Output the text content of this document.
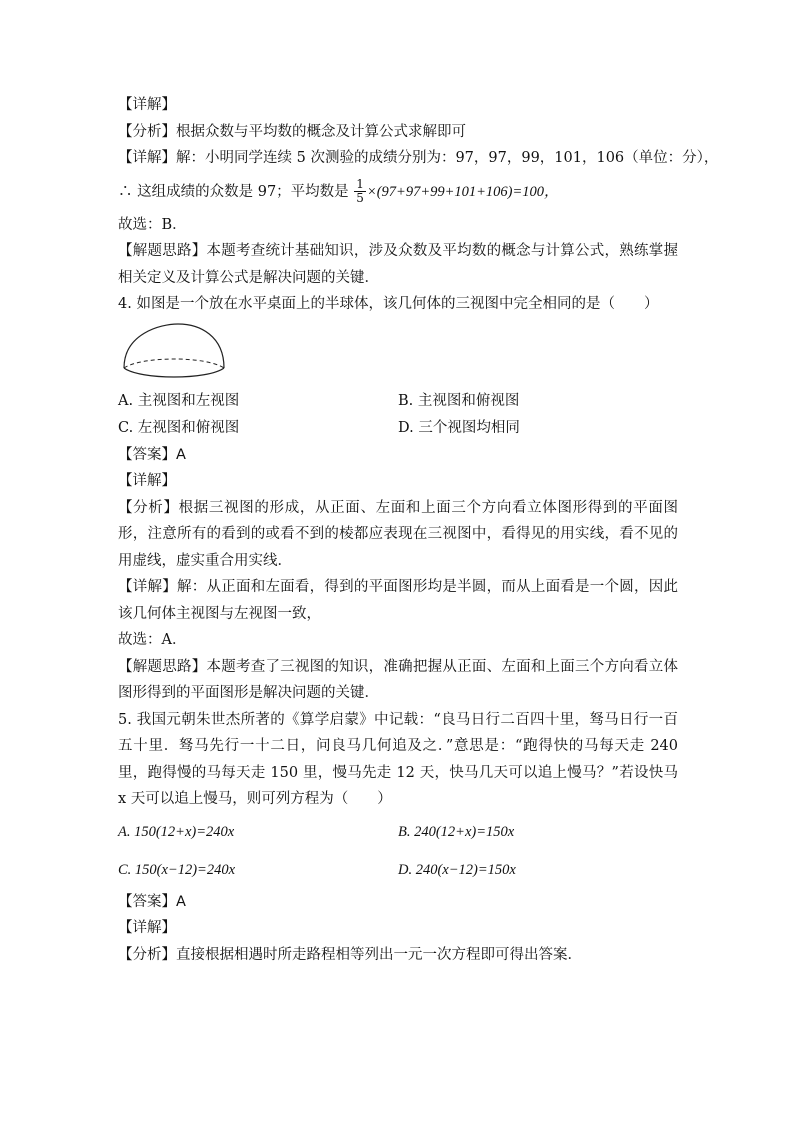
【详解】
【分析】根据众数与平均数的概念及计算公式求解即可
【详解】解：小明同学连续 5 次测验的成绩分别为：97，97，99，101，106（单位：分），
∴ 这组成绩的众数是 97；平均数是 $\frac{1}{5} \times(97+97+99+101+106)=100$，
故选：B．
【解题思路】本题考查统计基础知识，涉及众数及平均数的概念与计算公式，熟练掌握相关定义及计算公式是解决问题的关键．
4. 如图是一个放在水平桌面上的半球体，该几何体的三视图中完全相同的是（　　）
A. 主视图和左视图	B. 主视图和俯视图
C. 左视图和俯视图	D. 三个视图均相同
【答案】A
【详解】
【分析】根据三视图的形成，从正面、左面和上面三个方向看立体图形得到的平面图形，注意所有的看到的或看不到的棱都应表现在三视图中，看得见的用实线，看不见的用虚线，虚实重合用实线．
【详解】解：从正面和左面看，得到的平面图形均是半圆，而从上面看是一个圆，因此该几何体主视图与左视图一致，
故选：A．
【解题思路】本题考查了三视图的知识，准确把握从正面、左面和上面三个方向看立体图形得到的平面图形是解决问题的关键．
5. 我国元朝朱世杰所著的《算学启蒙》中记载：“良马日行二百四十里，驽马日行一百五十里．驽马先行一十二日，问良马几何追及之．”意思是：“跑得快的马每天走 240 里，跑得慢的马每天走 150 里，慢马先走 12 天，快马几天可以追上慢马？”若设快马 x 天可以追上慢马，则可列方程为（　　）
A. 150(12+x)=240x	B. 240(12+x)=150x
C. 150(x−12)=240x	D. 240(x−12)=150x
【答案】A
【详解】
【分析】直接根据相遇时所走路程相等列出一元一次方程即可得出答案．
